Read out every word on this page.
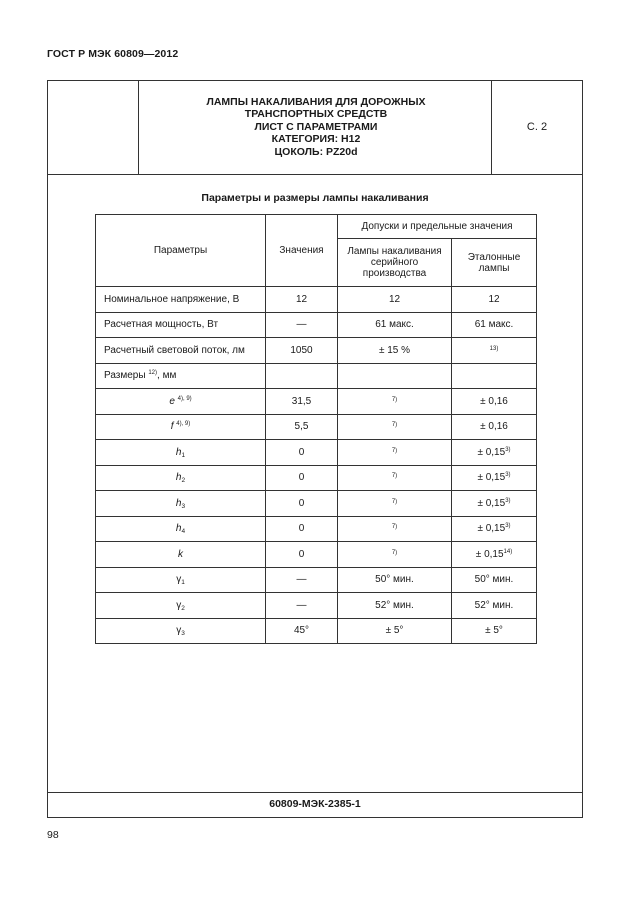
ГОСТ Р МЭК 60809—2012
ЛАМПЫ НАКАЛИВАНИЯ ДЛЯ ДОРОЖНЫХ
ТРАНСПОРТНЫХ СРЕДСТВ
ЛИСТ С ПАРАМЕТРАМИ
КАТЕГОРИЯ: Н12
ЦОКОЛЬ: PZ20d
С. 2
Параметры и размеры лампы накаливания
Параметры	Значения	Допуски и предельные значения	
		Лампы накаливания серийного производства	Эталонные лампы
Номинальное напряжение, В	12	12	12
Расчетная мощность, Вт	—	61 макс.	61 макс.
Расчетный световой поток, лм	1050	± 15 %	$^{13)}$
Размеры $^{12)}$, мм			
e $^{4), 9)}$	31,5	$^{7)}$	± 0,16
f $^{4), 9)}$	5,5	$^{7)}$	± 0,16
$h_1$	0	$^{7)}$	± $0,15^{3)}$
$h_2$	0	$^{7)}$	± $0,15^{3)}$
$h_3$	0	$^{7)}$	± $0,15^{3)}$
$h_4$	0	$^{7)}$	± $0,15^{3)}$
k	0	$^{7)}$	± $0,15^{14)}$
$\gamma_1$	—	50° мин.	50° мин.
$\gamma_2$	—	52° мин.	52° мин.
$\gamma_3$	45°	± 5°	± 5°
60809-МЭК-2385-1
98
